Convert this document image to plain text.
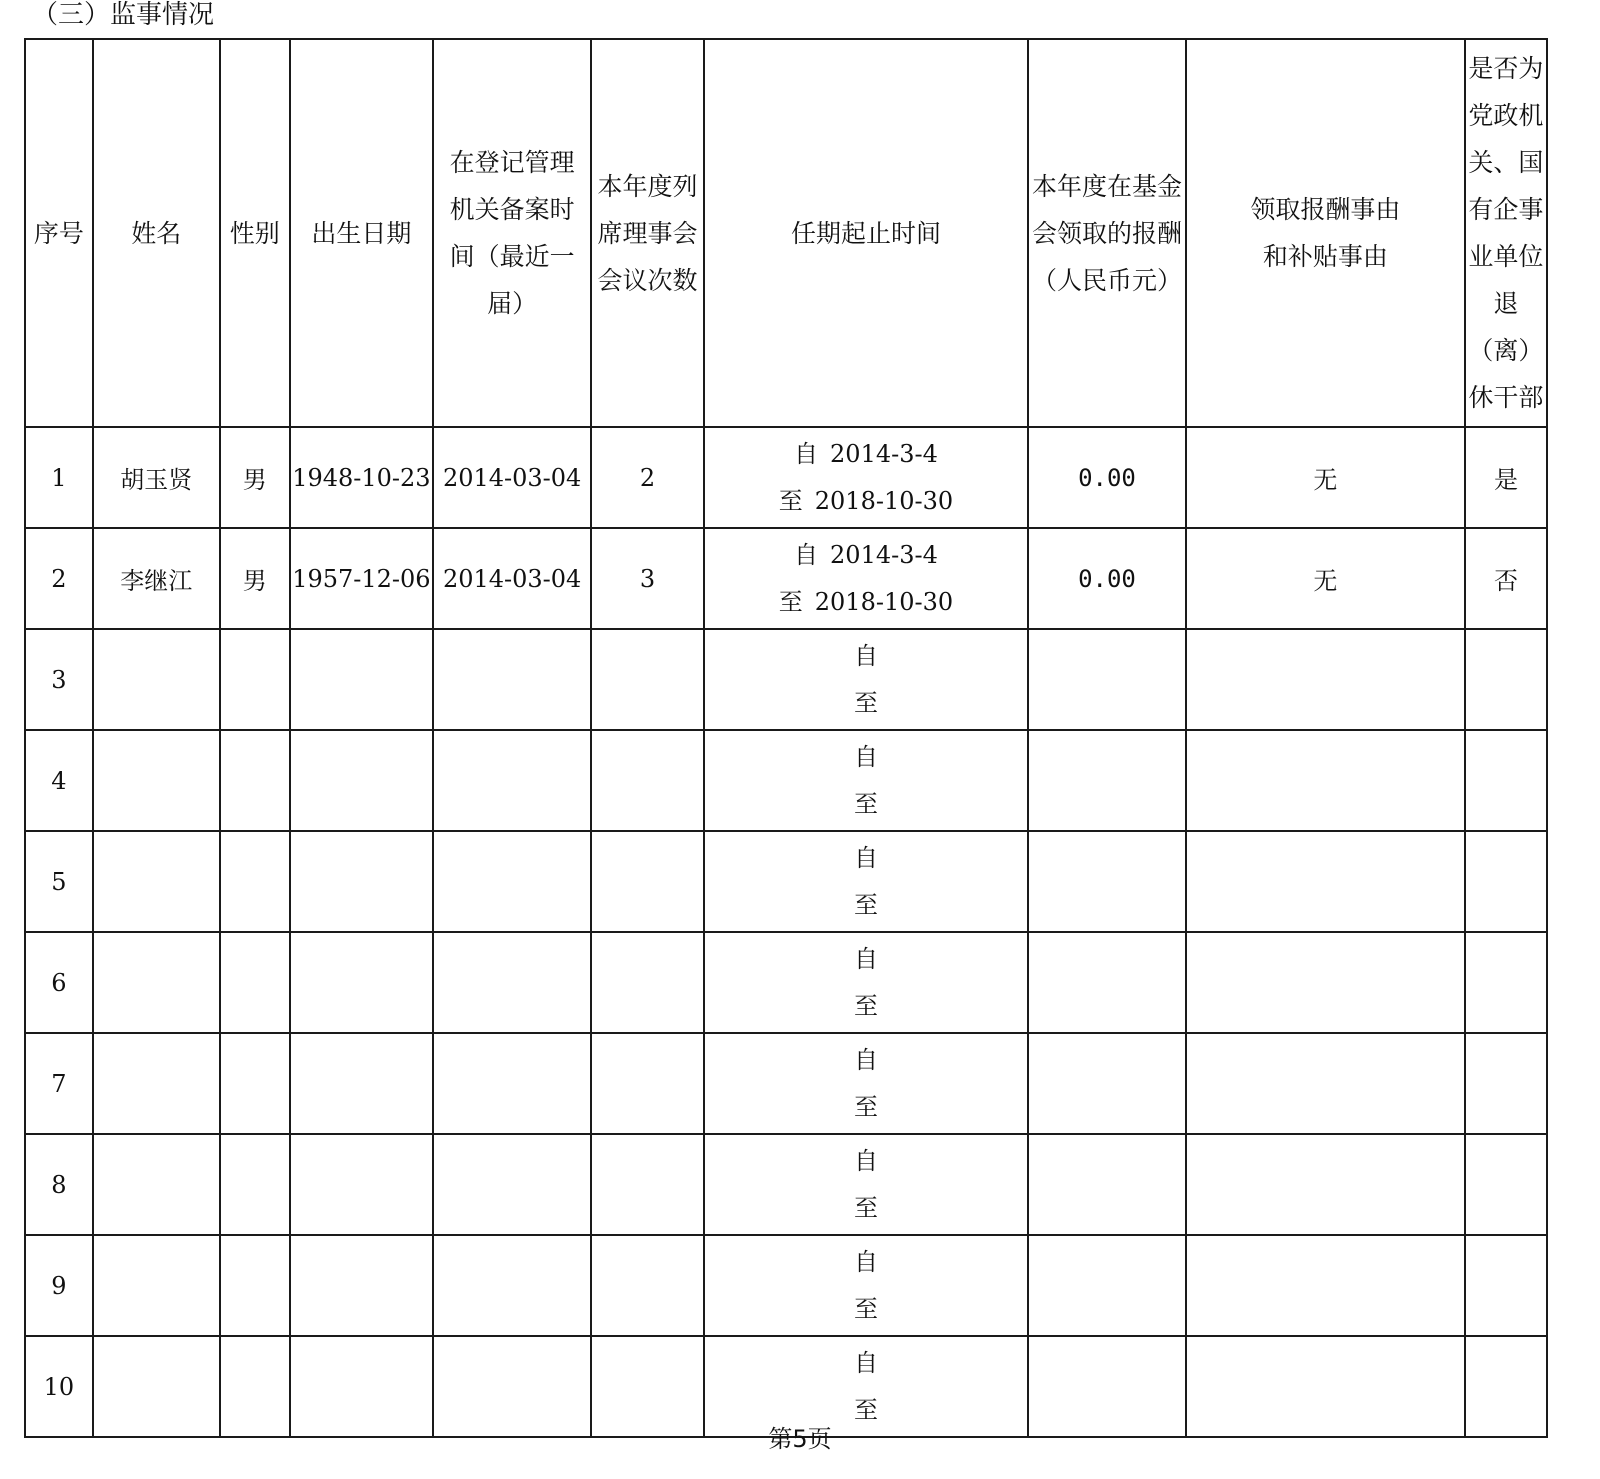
（三）监事情况
序号	姓名	性别	出生日期	在登记管理机关备案时间（最近一届）	本年度列席理事会会议次数	任期起止时间	本年度在基金会领取的报酬（人民币元）	领取报酬事由和补贴事由	是否为党政机关、国有企事业单位退（离）休干部

1	胡玉贤	男	1948-10-23	2014-03-04	2	自 2014-3-4
至 2018-10-30	0.00	无	是
2	李继江	男	1957-12-06	2014-03-04	3	自 2014-3-4
至 2018-10-30	0.00	无	否
3						自
至			

4						自
至			

5						自
至			

6						自
至			

7						自
至			

8						自
至			

9						自
至			

10						自
至			

第5页
